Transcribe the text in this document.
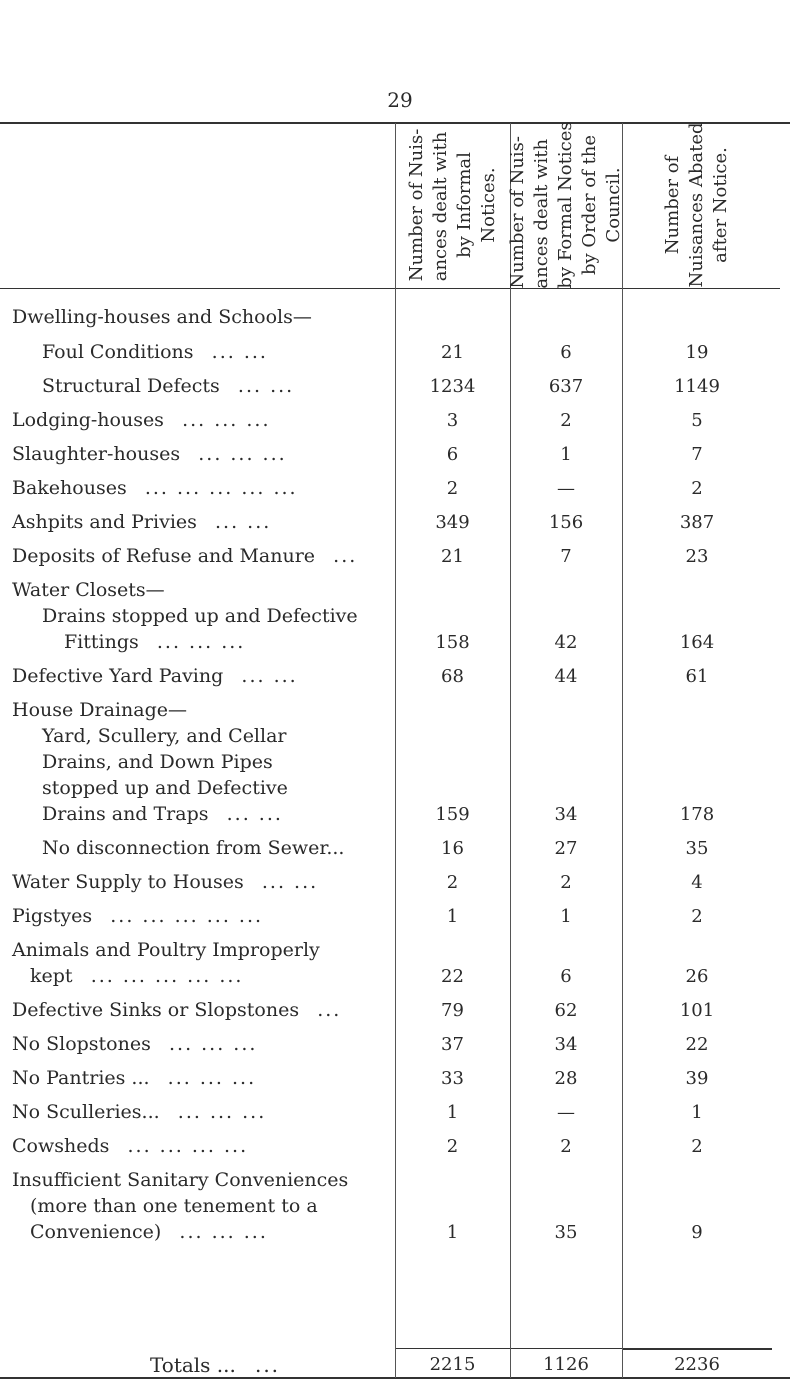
29
Number of Nuis- ances dealt with by Informal Notices. Number of Nuis- ances dealt with by Formal Notices by Order of the Council. Number of Nuisances Abated after Notice.
Dwelling-houses and Schools—
Foul Conditions ... ...	21	6	19
Structural Defects ... ...	1234	637	1149
Lodging-houses ... ... ...	3	2	5
Slaughter-houses ... ... ...	6	1	7
Bakehouses ... ... ... ... ...	2	—	2
Ashpits and Privies ... ...	349	156	387
Deposits of Refuse and Manure ...	21	7	23
Water Closets—
Drains stopped up and Defective
Fittings ... ... ...	158	42	164
Defective Yard Paving ... ...	68	44	61
House Drainage—
Yard, Scullery, and Cellar
Drains, and Down Pipes
stopped up and Defective
Drains and Traps ... ...	159	34	178
No disconnection from Sewer...	16	27	35
Water Supply to Houses ... ...	2	2	4
Pigstyes ... ... ... ... ...	1	1	2
Animals and Poultry Improperly
kept ... ... ... ... ...	22	6	26
Defective Sinks or Slopstones ...	79	62	101
No Slopstones ... ... ...	37	34	22
No Pantries ... ... ... ...	33	28	39
No Sculleries... ... ... ...	1	—	1
Cowsheds ... ... ... ...	2	2	2
Insufficient Sanitary Conveniences
(more than one tenement to a
Convenience) ... ... ...	1	35	9
Totals ... ...	2215	1126	2236
